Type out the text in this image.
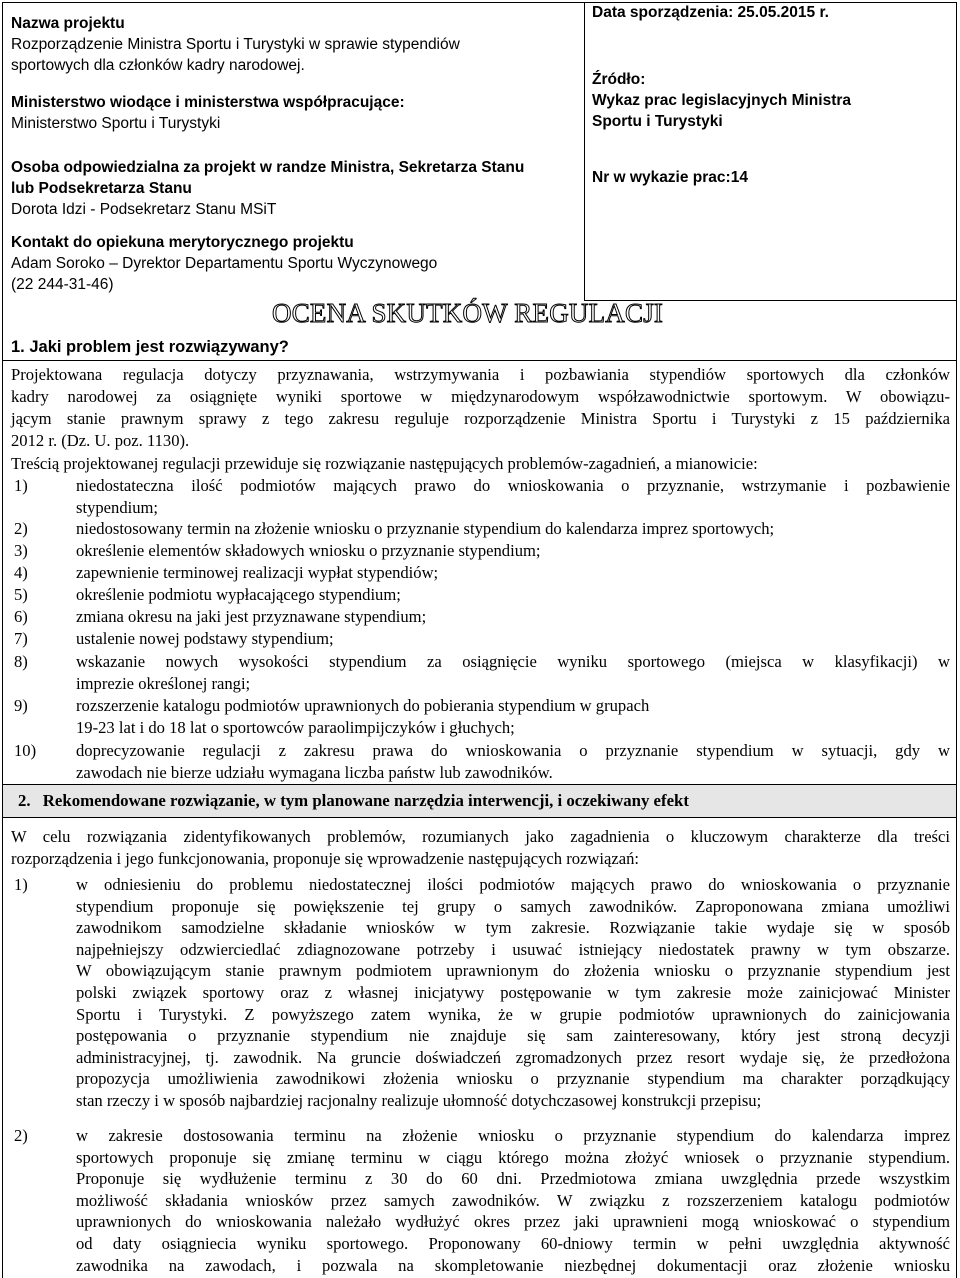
Nazwa projektu
Rozporządzenie Ministra Sportu i Turystyki w sprawie stypendiów
sportowych dla członków kadry narodowej.
Ministerstwo wiodące i ministerstwa współpracujące:
Ministerstwo Sportu i Turystyki
Osoba odpowiedzialna za projekt w randze Ministra, Sekretarza Stanu
lub Podsekretarza Stanu
Dorota Idzi - Podsekretarz Stanu MSiT
Kontakt do opiekuna merytorycznego projektu
Adam Soroko – Dyrektor Departamentu Sportu Wyczynowego
(22 244-31-46)
Data sporządzenia: 25.05.2015 r.
Źródło:
Wykaz prac legislacyjnych Ministra
Sportu i Turystyki
Nr w wykazie prac:14
OCENA SKUTKÓW REGULACJI
1. Jaki problem jest rozwiązywany?
Projektowana regulacja dotyczy przyznawania, wstrzymywania i pozbawiania stypendiów sportowych dla członków
kadry narodowej za osiągnięte wyniki sportowe w międzynarodowym współzawodnictwie sportowym. W obowiązu-
jącym stanie prawnym sprawy z tego zakresu reguluje rozporządzenie Ministra Sportu i Turystyki z 15 października
2012 r. (Dz. U. poz. 1130).
Treścią projektowanej regulacji przewiduje się rozwiązanie następujących problemów-zagadnień, a mianowicie:
1)	niedostateczna ilość podmiotów mających prawo do wnioskowania o przyznanie, wstrzymanie i pozbawienie
stypendium;
2)	niedostosowany termin na złożenie wniosku o przyznanie stypendium do kalendarza imprez sportowych;
3)	określenie elementów składowych wniosku o przyznanie stypendium;
4)	zapewnienie terminowej realizacji wypłat stypendiów;
5)	określenie podmiotu wypłacającego stypendium;
6)	zmiana okresu na jaki jest przyznawane stypendium;
7)	ustalenie nowej podstawy stypendium;
8)	wskazanie nowych wysokości stypendium za osiągnięcie wyniku sportowego (miejsca w klasyfikacji) w
imprezie określonej rangi;
9)	rozszerzenie katalogu podmiotów uprawnionych do pobierania stypendium w grupach
19-23 lat i do 18 lat o sportowców paraolimpijczyków i głuchych;
10) doprecyzowanie regulacji z zakresu prawa do wnioskowania o przyznanie stypendium w sytuacji, gdy w
zawodach nie bierze udziału wymagana liczba państw lub zawodników.
2. Rekomendowane rozwiązanie, w tym planowane narzędzia interwencji, i oczekiwany efekt
W celu rozwiązania zidentyfikowanych problemów, rozumianych jako zagadnienia o kluczowym charakterze dla treści
rozporządzenia i jego funkcjonowania, proponuje się wprowadzenie następujących rozwiązań:
1)	w odniesieniu do problemu niedostatecznej ilości podmiotów mających prawo do wnioskowania o przyznanie
stypendium proponuje się powiększenie tej grupy o samych zawodników. Zaproponowana zmiana umożliwi
zawodnikom samodzielne składanie wniosków w tym zakresie. Rozwiązanie takie wydaje się w sposób
najpełniejszy odzwierciedlać zdiagnozowane potrzeby i usuwać istniejący niedostatek prawny w tym obszarze.
W obowiązującym stanie prawnym podmiotem uprawnionym do złożenia wniosku o przyznanie stypendium jest
polski związek sportowy oraz z własnej inicjatywy postępowanie w tym zakresie może zainicjować Minister
Sportu i Turystyki. Z powyższego zatem wynika, że w grupie podmiotów uprawnionych do zainicjowania
postępowania o przyznanie stypendium nie znajduje się sam zainteresowany, który jest stroną decyzji
administracyjnej, tj. zawodnik. Na gruncie doświadczeń zgromadzonych przez resort wydaje się, że przedłożona
propozycja umożliwienia zawodnikowi złożenia wniosku o przyznanie stypendium ma charakter porządkujący
stan rzeczy i w sposób najbardziej racjonalny realizuje ułomność dotychczasowej konstrukcji przepisu;
2)	w zakresie dostosowania terminu na złożenie wniosku o przyznanie stypendium do kalendarza imprez
sportowych proponuje się zmianę terminu w ciągu którego można złożyć wniosek o przyznanie stypendium.
Proponuje się wydłużenie terminu z 30 do 60 dni. Przedmiotowa zmiana uwzględnia przede wszystkim
możliwość składania wniosków przez samych zawodników. W związku z rozszerzeniem katalogu podmiotów
uprawnionych do wnioskowania należało wydłużyć okres przez jaki uprawnieni mogą wnioskować o stypendium
od daty osiągniecia wyniku sportowego. Proponowany 60-dniowy termin w pełni uwzględnia aktywność
zawodnika na zawodach, i pozwala na skompletowanie niezbędnej dokumentacji oraz złożenie wniosku
